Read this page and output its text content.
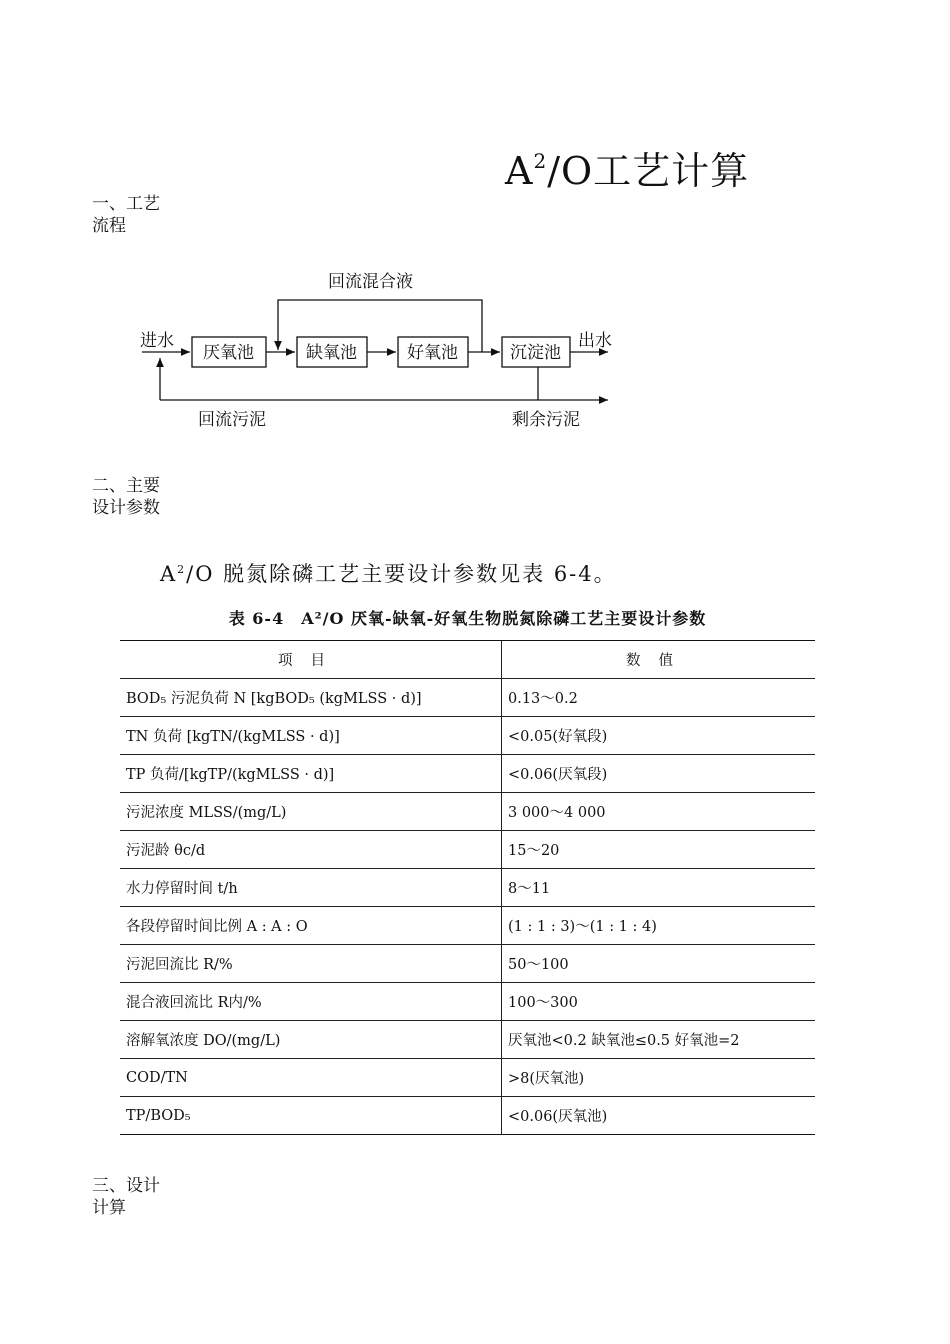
$A^2/O$工艺计算
一、工艺
流程
进水	出水
回流混合液
回流污泥	剩余污泥
厌氧池	缺氧池	好氧池	沉淀池
二、主要
设计参数
$A^2/O$ 脱氮除磷工艺主要设计参数见表 6-4。
表 6-4　A²/O 厌氧-缺氧-好氧生物脱氮除磷工艺主要设计参数
项目	数值
BOD₅ 污泥负荷 N [kgBOD₅ (kgMLSS · d)]	0.13～0.2
TN 负荷 [kgTN/(kgMLSS · d)]	<0.05(好氧段)
TP 负荷/[kgTP/(kgMLSS · d)]	<0.06(厌氧段)
污泥浓度 MLSS/(mg/L)	3 000～4 000
污泥龄 θc/d	15～20
水力停留时间 t/h	8～11
各段停留时间比例 A : A : O	(1 : 1 : 3)～(1 : 1 : 4)
污泥回流比 R/%	50～100
混合液回流比 R内/%	100～300
溶解氧浓度 DO/(mg/L)	厌氧池<0.2 缺氧池≤0.5 好氧池=2
COD/TN	>8(厌氧池)
TP/BOD₅	<0.06(厌氧池)
三、设计
计算
